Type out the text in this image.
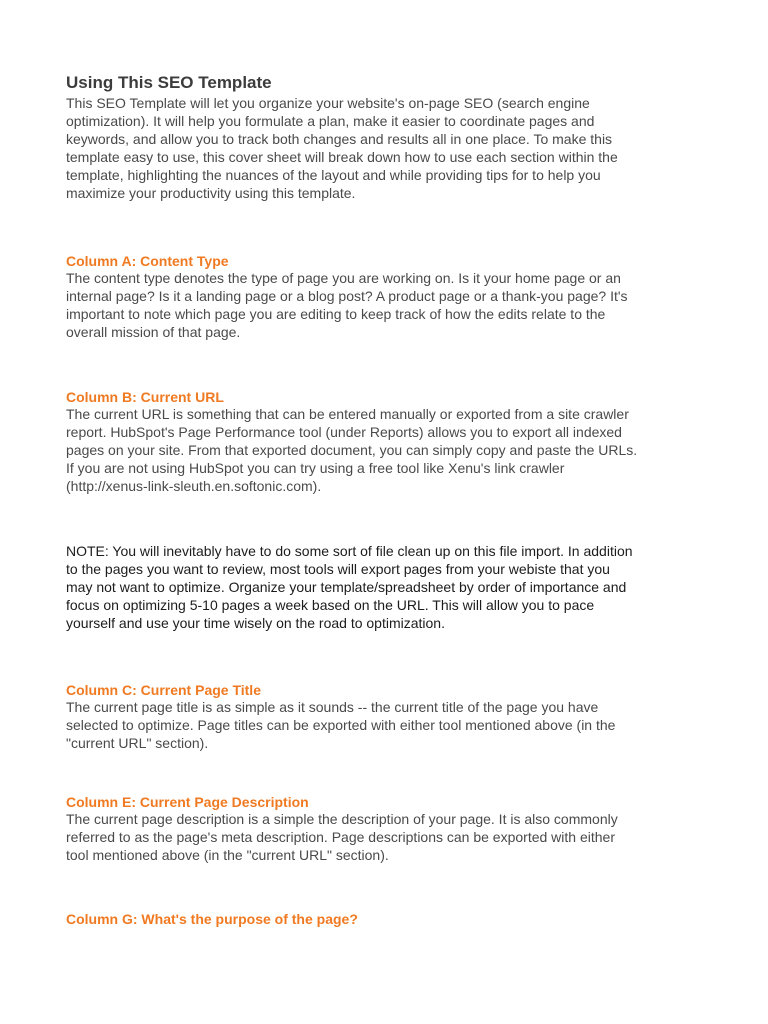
Using This SEO Template

This SEO Template will let you organize your website's on-page SEO (search engine
optimization). It will help you formulate a plan, make it easier to coordinate pages and
keywords, and allow you to track both changes and results all in one place. To make this
template easy to use, this cover sheet will break down how to use each section within the
template, highlighting the nuances of the layout and while providing tips for to help you
maximize your productivity using this template.

Column A: Content Type

The content type denotes the type of page you are working on. Is it your home page or an
internal page? Is it a landing page or a blog post? A product page or a thank-you page? It's
important to note which page you are editing to keep track of how the edits relate to the
overall mission of that page.

Column B: Current URL

The current URL is something that can be entered manually or exported from a site crawler
report. HubSpot's Page Performance tool (under Reports) allows you to export all indexed
pages on your site. From that exported document, you can simply copy and paste the URLs.
If you are not using HubSpot you can try using a free tool like Xenu's link crawler
(http://xenus-link-sleuth.en.softonic.com).

NOTE: You will inevitably have to do some sort of file clean up on this file import. In addition
to the pages you want to review, most tools will export pages from your webiste that you
may not want to optimize. Organize your template/spreadsheet by order of importance and
focus on optimizing 5-10 pages a week based on the URL. This will allow you to pace
yourself and use your time wisely on the road to optimization.

Column C: Current Page Title

The current page title is as simple as it sounds -- the current title of the page you have
selected to optimize. Page titles can be exported with either tool mentioned above (in the
"current URL" section).

Column E: Current Page Description

The current page description is a simple the description of your page. It is also commonly
referred to as the page's meta description. Page descriptions can be exported with either
tool mentioned above (in the "current URL" section).

Column G: What's the purpose of the page?
